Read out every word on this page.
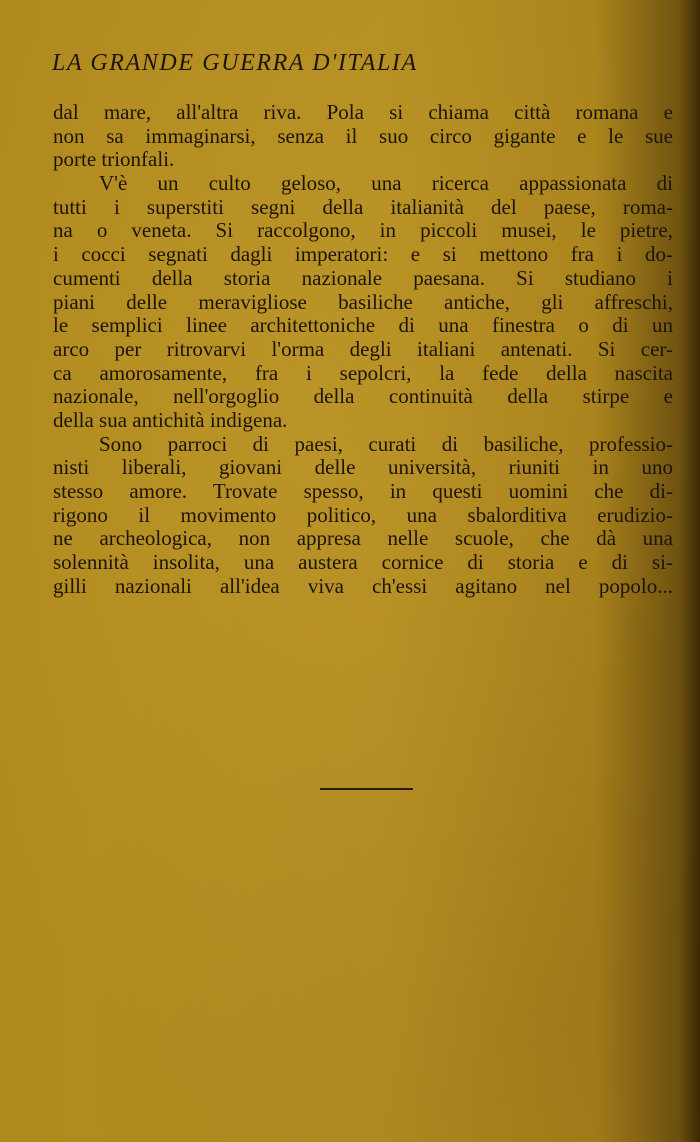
LA GRANDE GUERRA D'ITALIA
dal mare, all'altra riva. Pola si chiama città romana e
non sa immaginarsi, senza il suo circo gigante e le sue
porte trionfali.
V'è un culto geloso, una ricerca appassionata di
tutti i superstiti segni della italianità del paese, roma-
na o veneta. Si raccolgono, in piccoli musei, le pietre,
i cocci segnati dagli imperatori: e si mettono fra i do-
cumenti della storia nazionale paesana. Si studiano i
piani delle meravigliose basiliche antiche, gli affreschi,
le semplici linee architettoniche di una finestra o di un
arco per ritrovarvi l'orma degli italiani antenati. Si cer-
ca amorosamente, fra i sepolcri, la fede della nascita
nazionale, nell'orgoglio della continuità della stirpe e
della sua antichità indigena.
Sono parroci di paesi, curati di basiliche, professio-
nisti liberali, giovani delle università, riuniti in uno
stesso amore. Trovate spesso, in questi uomini che di-
rigono il movimento politico, una sbalorditiva erudizio-
ne archeologica, non appresa nelle scuole, che dà una
solennità insolita, una austera cornice di storia e di si-
gilli nazionali all'idea viva ch'essi agitano nel popolo...
